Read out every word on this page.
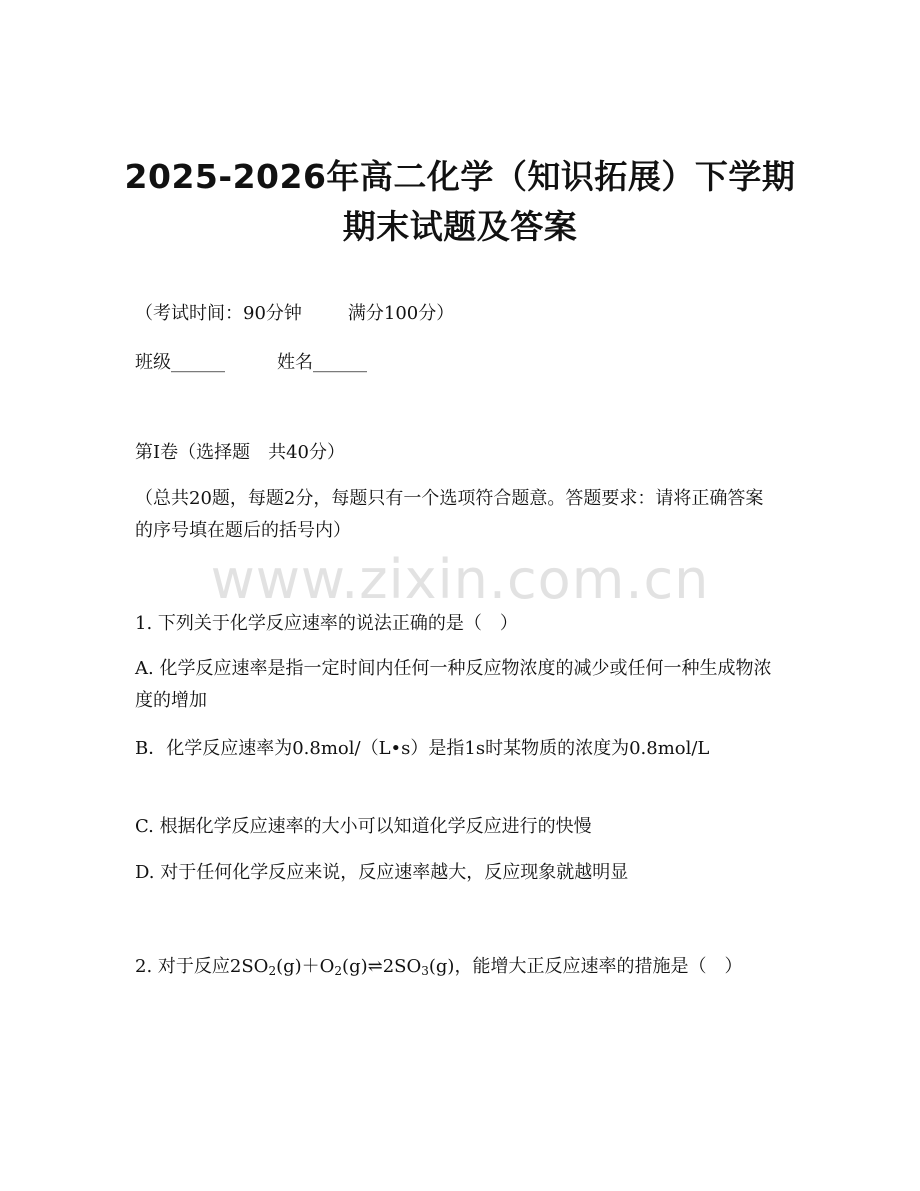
www.zixin.com.cn
2025-2026年高二化学（知识拓展）下学期
期末试题及答案
（考试时间：90分钟	满分100分）
班级______	姓名______
第Ⅰ卷（选择题　共40分）
（总共20题，每题2分，每题只有一个选项符合题意。答题要求：请将正确答案的序号填在题后的括号内）
1. 下列关于化学反应速率的说法正确的是（　）
A. 化学反应速率是指一定时间内任何一种反应物浓度的减少或任何一种生成物浓度的增加
B．化学反应速率为0.8mol/（L•s）是指1s时某物质的浓度为0.8mol/L
C. 根据化学反应速率的大小可以知道化学反应进行的快慢
D. 对于任何化学反应来说，反应速率越大，反应现象就越明显
2. 对于反应$2SO_2(g)+O_2(g)\rightleftharpoons 2SO_3(g)$，能增大正反应速率的措施是（　）
